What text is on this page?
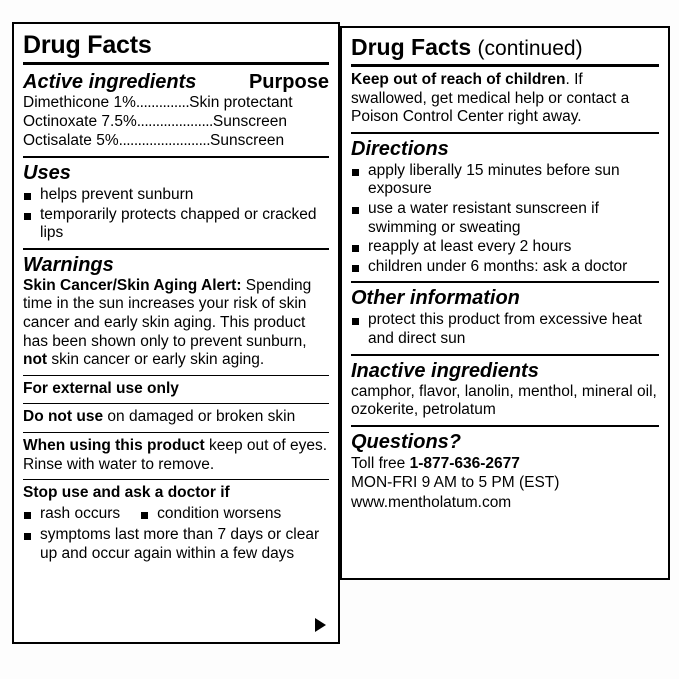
Drug Facts
Active ingredients	Purpose
Dimethicone 1%..............Skin protectant
Octinoxate 7.5%....................Sunscreen
Octisalate 5%........................Sunscreen
Uses
helps prevent sunburn
temporarily protects chapped or cracked lips
Warnings
Skin Cancer/Skin Aging Alert: Spending time in the sun increases your risk of skin cancer and early skin aging. This product has been shown only to prevent sunburn, not skin cancer or early skin aging.
For external use only
Do not use on damaged or broken skin
When using this product keep out of eyes. Rinse with water to remove.
Stop use and ask a doctor if
rash occurs	condition worsens
symptoms last more than 7 days or clear up and occur again within a few days
Drug Facts (continued)
Keep out of reach of children. If swallowed, get medical help or contact a Poison Control Center right away.
Directions
apply liberally 15 minutes before sun exposure
use a water resistant sunscreen if swimming or sweating
reapply at least every 2 hours
children under 6 months: ask a doctor
Other information
protect this product from excessive heat and direct sun
Inactive ingredients
camphor, flavor, lanolin, menthol, mineral oil, ozokerite, petrolatum
Questions?
Toll free 1-877-636-2677
MON-FRI 9 AM to 5 PM (EST)
www.mentholatum.com
